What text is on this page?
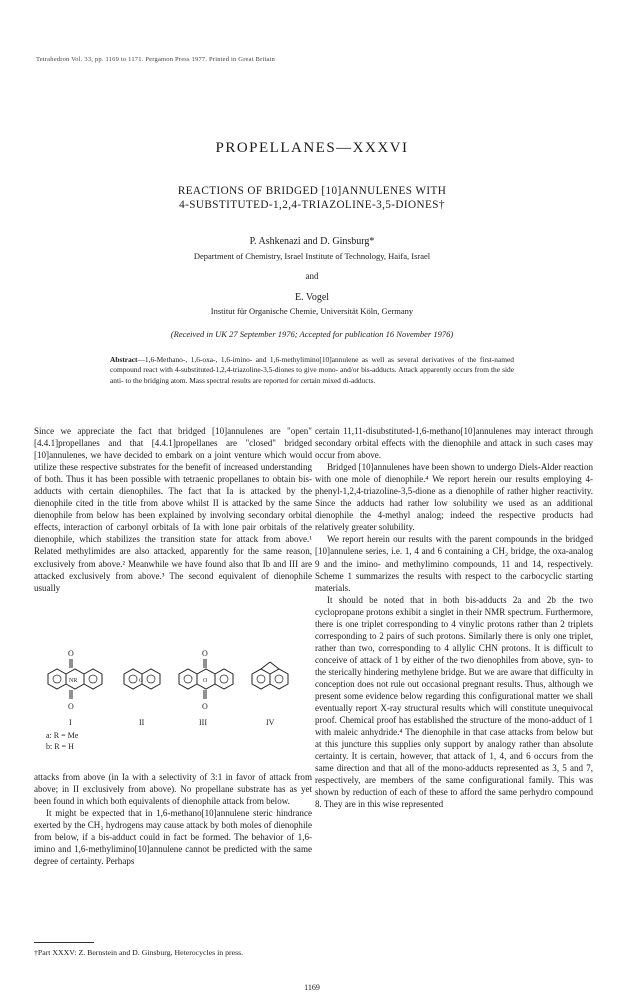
Tetrahedron Vol. 33, pp. 1169 to 1171. Pergamon Press 1977. Printed in Great Britain
PROPELLANES—XXXVI
REACTIONS OF BRIDGED [10]ANNULENES WITH
4-SUBSTITUTED-1,2,4-TRIAZOLINE-3,5-DIONES†
P. Ashkenazi and D. Ginsburg*
Department of Chemistry, Israel Institute of Technology, Haifa, Israel
and
E. Vogel
Institut für Organische Chemie, Universität Köln, Germany
(Received in UK 27 September 1976; Accepted for publication 16 November 1976)
Abstract—1,6-Methano-, 1,6-oxa-, 1,6-imino- and 1,6-methylimino[10]annulene as well as several derivatives of the first-named compound react with 4-substituted-1,2,4-triazoline-3,5-diones to give mono- and/or bis-adducts. Attack apparently occurs from the side anti- to the bridging atom. Mass spectral results are reported for certain mixed di-adducts.

Since we appreciate the fact that bridged [10]annulenes are "open" [4.4.1]propellanes and that [4.4.1]propellanes are "closed" bridged [10]annulenes, we have decided to embark on a joint venture which would utilize these respective substrates for the benefit of increased understanding of both. Thus it has been possible with tetraenic propellanes to obtain bis-adducts with certain dienophiles. The fact that Ia is attacked by the dienophile cited in the title from above whilst II is attacked by the same dienophile from below has been explained by involving secondary orbital effects, interaction of carbonyl orbitals of Ia with lone pair orbitals of the dienophile, which stabilizes the transition state for attack from above.¹ Related methylimides are also attacked, apparently for the same reason, exclusively from above.² Meanwhile we have found also that Ib and III are attacked exclusively from above.³ The second equivalent of dienophile usually

O
NR
O
I
a: R = Me
b: R = H
O
II
O
O
O
III	IV

attacks from above (in Ia with a selectivity of 3:1 in favor of attack from above; in II exclusively from above). No propellane substrate has as yet been found in which both equivalents of dienophile attack from below.

It might be expected that in 1,6-methano[10]annulene steric hindrance exerted by the CH₂ hydrogens may cause attack by both moles of dienophile from below, if a bis-adduct could in fact be formed. The behavior of 1,6-imino and 1,6-methylimino[10]annulene cannot be predicted with the same degree of certainty. Perhaps

certain 11,11-disubstituted-1,6-methano[10]annulenes may interact through secondary orbital effects with the dienophile and attack in such cases may occur from above.

Bridged [10]annulenes have been shown to undergo Diels-Alder reaction with one mole of dienophile.⁴ We report herein our results employing 4-phenyl-1,2,4-triazoline-3,5-dione as a dienophile of rather higher reactivity. Since the adducts had rather low solubility we used as an additional dienophile the 4-methyl analog; indeed the respective products had relatively greater solubility.

We report herein our results with the parent compounds in the bridged [10]annulene series, i.e. 1, 4 and 6 containing a CH₂ bridge, the oxa-analog 9 and the imino- and methylimino compounds, 11 and 14, respectively. Scheme 1 summarizes the results with respect to the carbocyclic starting materials.

It should be noted that in both bis-adducts 2a and 2b the two cyclopropane protons exhibit a singlet in their NMR spectrum. Furthermore, there is one triplet corresponding to 4 vinylic protons rather than 2 triplets corresponding to 2 pairs of such protons. Similarly there is only one triplet, rather than two, corresponding to 4 allylic CHN protons. It is difficult to conceive of attack of 1 by either of the two dienophiles from above, syn- to the sterically hindering methylene bridge. But we are aware that difficulty in conception does not rule out occasional pregnant results. Thus, although we present some evidence below regarding this configurational matter we shall eventually report X-ray structural results which will constitute unequivocal proof. Chemical proof has established the structure of the mono-adduct of 1 with maleic anhydride.⁴ The dienophile in that case attacks from below but at this juncture this supplies only support by analogy rather than absolute certainty. It is certain, however, that attack of 1, 4, and 6 occurs from the same direction and that all of the mono-adducts represented as 3, 5 and 7, respectively, are members of the same configurational family. This was shown by reduction of each of these to afford the same perhydro compound 8. They are in this wise represented

†Part XXXV: Z. Bernstein and D. Ginsburg, Heterocycles in press.
1169
